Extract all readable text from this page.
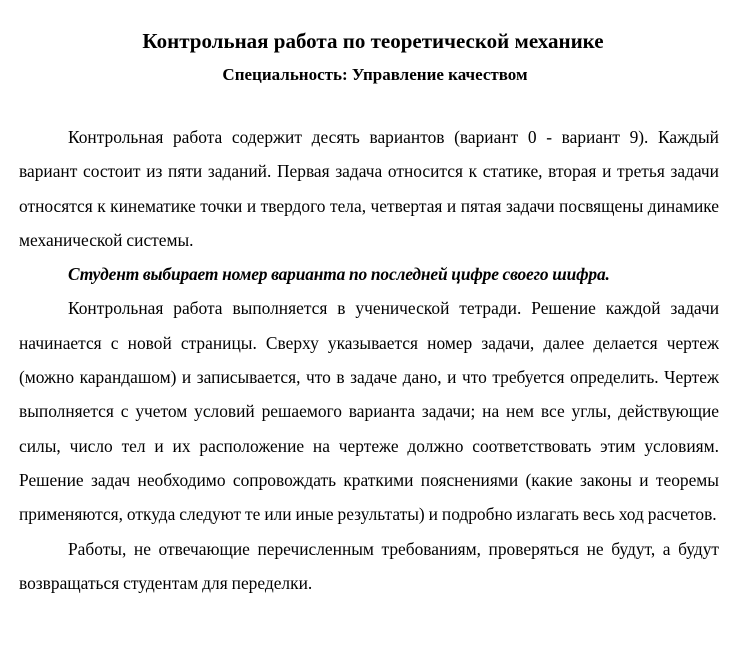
Контрольная работа по теоретической механике
Специальность: Управление качеством

Контрольная работа содержит десять вариантов (вариант 0 - вариант 9). Каждый вариант состоит из пяти заданий. Первая задача относится к статике, вторая и третья задачи относятся к кинематике точки и твердого тела, четвертая и пятая задачи посвящены динамике механической системы.

Студент выбирает номер варианта по последней цифре своего шифра.

Контрольная работа выполняется в ученической тетради. Решение каждой задачи начинается с новой страницы. Сверху указывается номер задачи, далее делается чертеж (можно карандашом) и записывается, что в задаче дано, и что требуется определить. Чертеж выполняется с учетом условий решаемого варианта задачи; на нем все углы, действующие силы, число тел и их расположение на чертеже должно соответствовать этим условиям. Решение задач необходимо сопровождать краткими пояснениями (какие законы и теоремы применяются, откуда следуют те или иные результаты) и подробно излагать весь ход расчетов.

Работы, не отвечающие перечисленным требованиям, проверяться не будут, а будут возвращаться студентам для переделки.
